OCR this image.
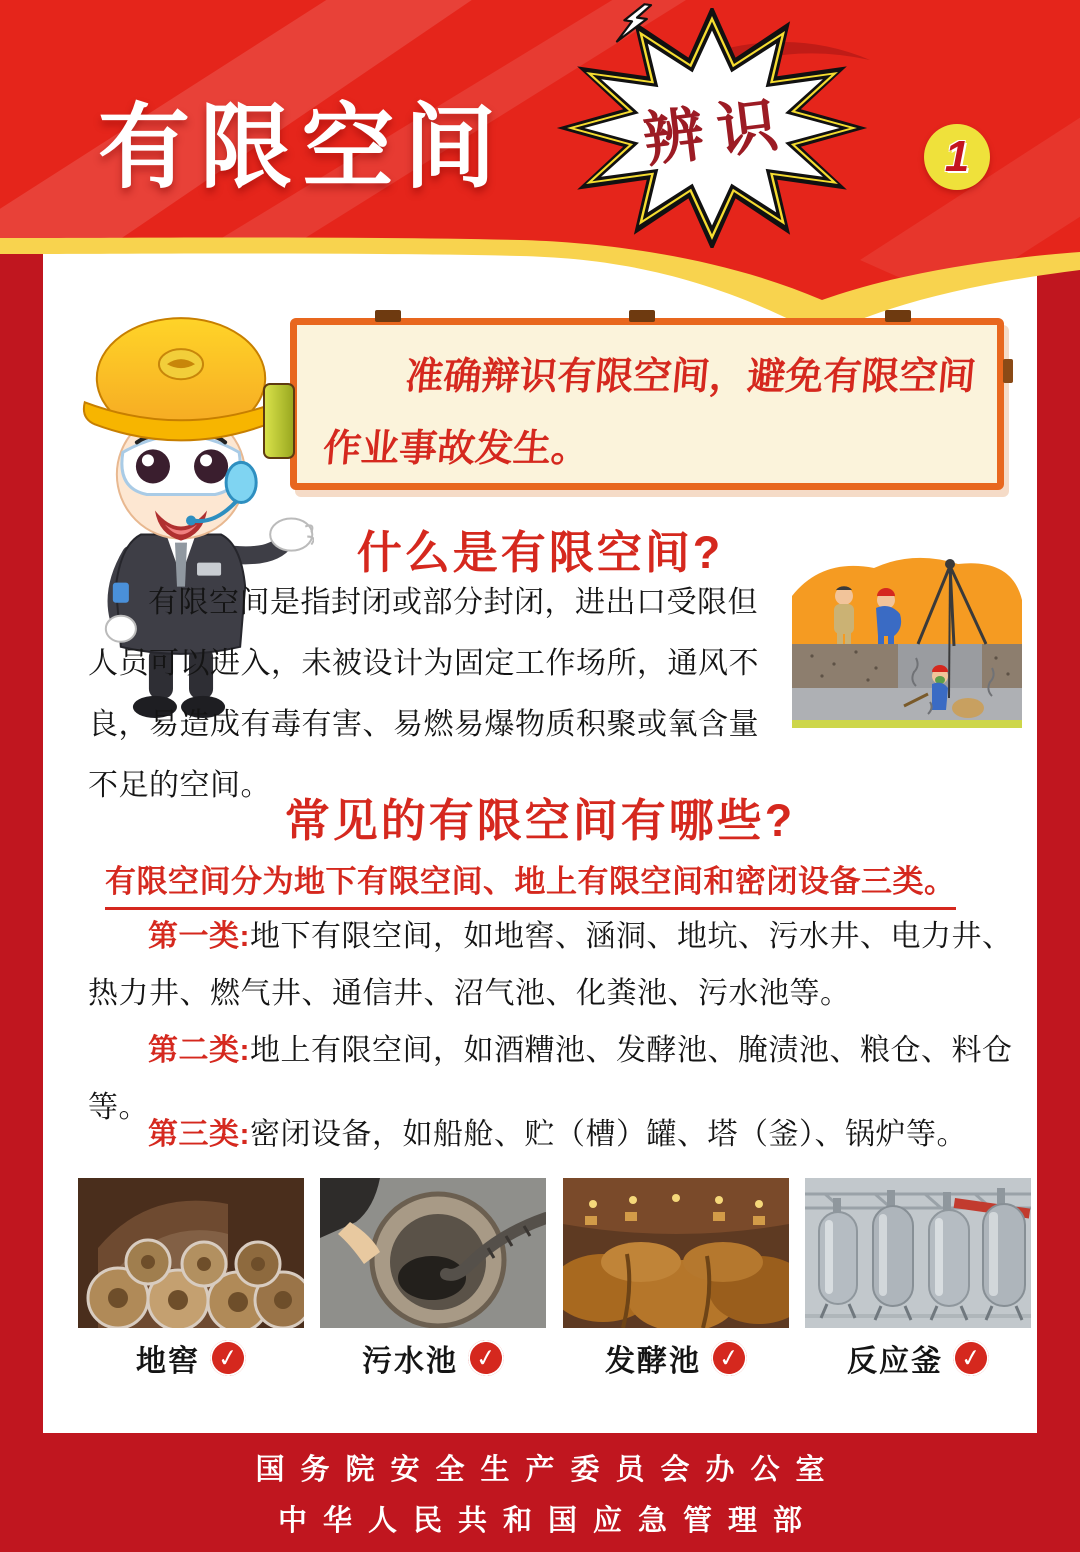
有限空间	辨识	1

准确辩识有限空间，避免有限空间作业事故发生。

什么是有限空间?

有限空间是指封闭或部分封闭，进出口受限但人员可以进入，未被设计为固定工作场所，通风不良，易造成有毒有害、易燃易爆物质积聚或氧含量不足的空间。

常见的有限空间有哪些?

有限空间分为地下有限空间、地上有限空间和密闭设备三类。

第一类:地下有限空间，如地窖、涵洞、地坑、污水井、电力井、热力井、燃气井、通信井、沼气池、化粪池、污水池等。

第二类:地上有限空间，如酒糟池、发酵池、腌渍池、粮仓、料仓等。

第三类:密闭设备，如船舱、贮（槽）罐、塔（釜）、锅炉等。

地窖 ✓	污水池 ✓	发酵池 ✓	反应釜 ✓
国务院安全生产委员会办公室
中华人民共和国应急管理部
